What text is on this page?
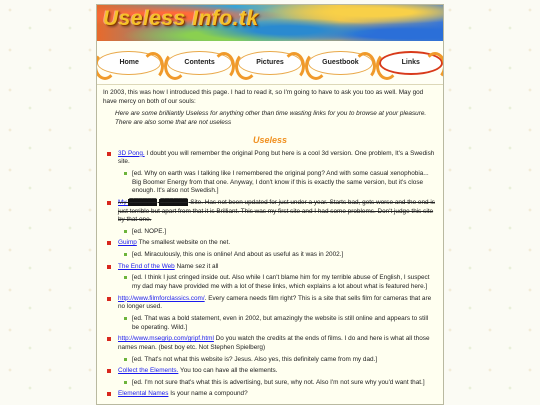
Useless Info.tk
Home	Contents	Pictures	Guestbook	Links

In 2003, this was how I introduced this page. I had to read it, so I'm going to have to ask you too as well. May god have mercy on both of our souls:

Here are some brilliantly Useless for anything other than time wasting links for you to browse at your pleasure. There are also some that are not useless

Useless
3D Pong. I doubt you will remember the original Pong but here is a cool 3d version. One problem, It's a Swedish site.
[ed. Why on earth was I talking like I remembered the original pong? And with some casual xenophobia... Big Boomer Energy from that one. Anyway, I don't know if this is exactly the same version, but it's close enough. It's also not Swedish.]
My ██████ ██████ Site. Has not been updated for just under a year. Starts bad, gets worse and the end is just terrible but apart from that it is Brilliant. This was my first site and I had some problems. Don't judge this site by that one.
[ed. NOPE.]
Guimp The smallest website on the net.
[ed. Miraculously, this one is online! And about as useful as it was in 2002.]
The End of the Web Name sez it all
[ed. I think I just cringed inside out. Also while I can't blame him for my terrible abuse of English, I suspect my dad may have provided me with a lot of these links, which explains a lot about what is featured here.]
http://www.filmforclassics.com/. Every camera needs film right? This is a site that sells film for cameras that are no longer used.
[ed. That was a bold statement, even in 2002, but amazingly the website is still online and appears to still be operating. Wild.]
http://www.msegrip.com/gripf.html Do you watch the credits at the ends of films. I do and here is what all those names mean. (best boy etc. Not Stephen Spielberg)
[ed. That's not what this website is? Jesus. Also yes, this definitely came from my dad.]
Collect the Elements. You too can have all the elements.
[ed. I'm not sure that's what this is advertising, but sure, why not. Also I'm not sure why you'd want that.]
Elemental Names Is your name a compound?
